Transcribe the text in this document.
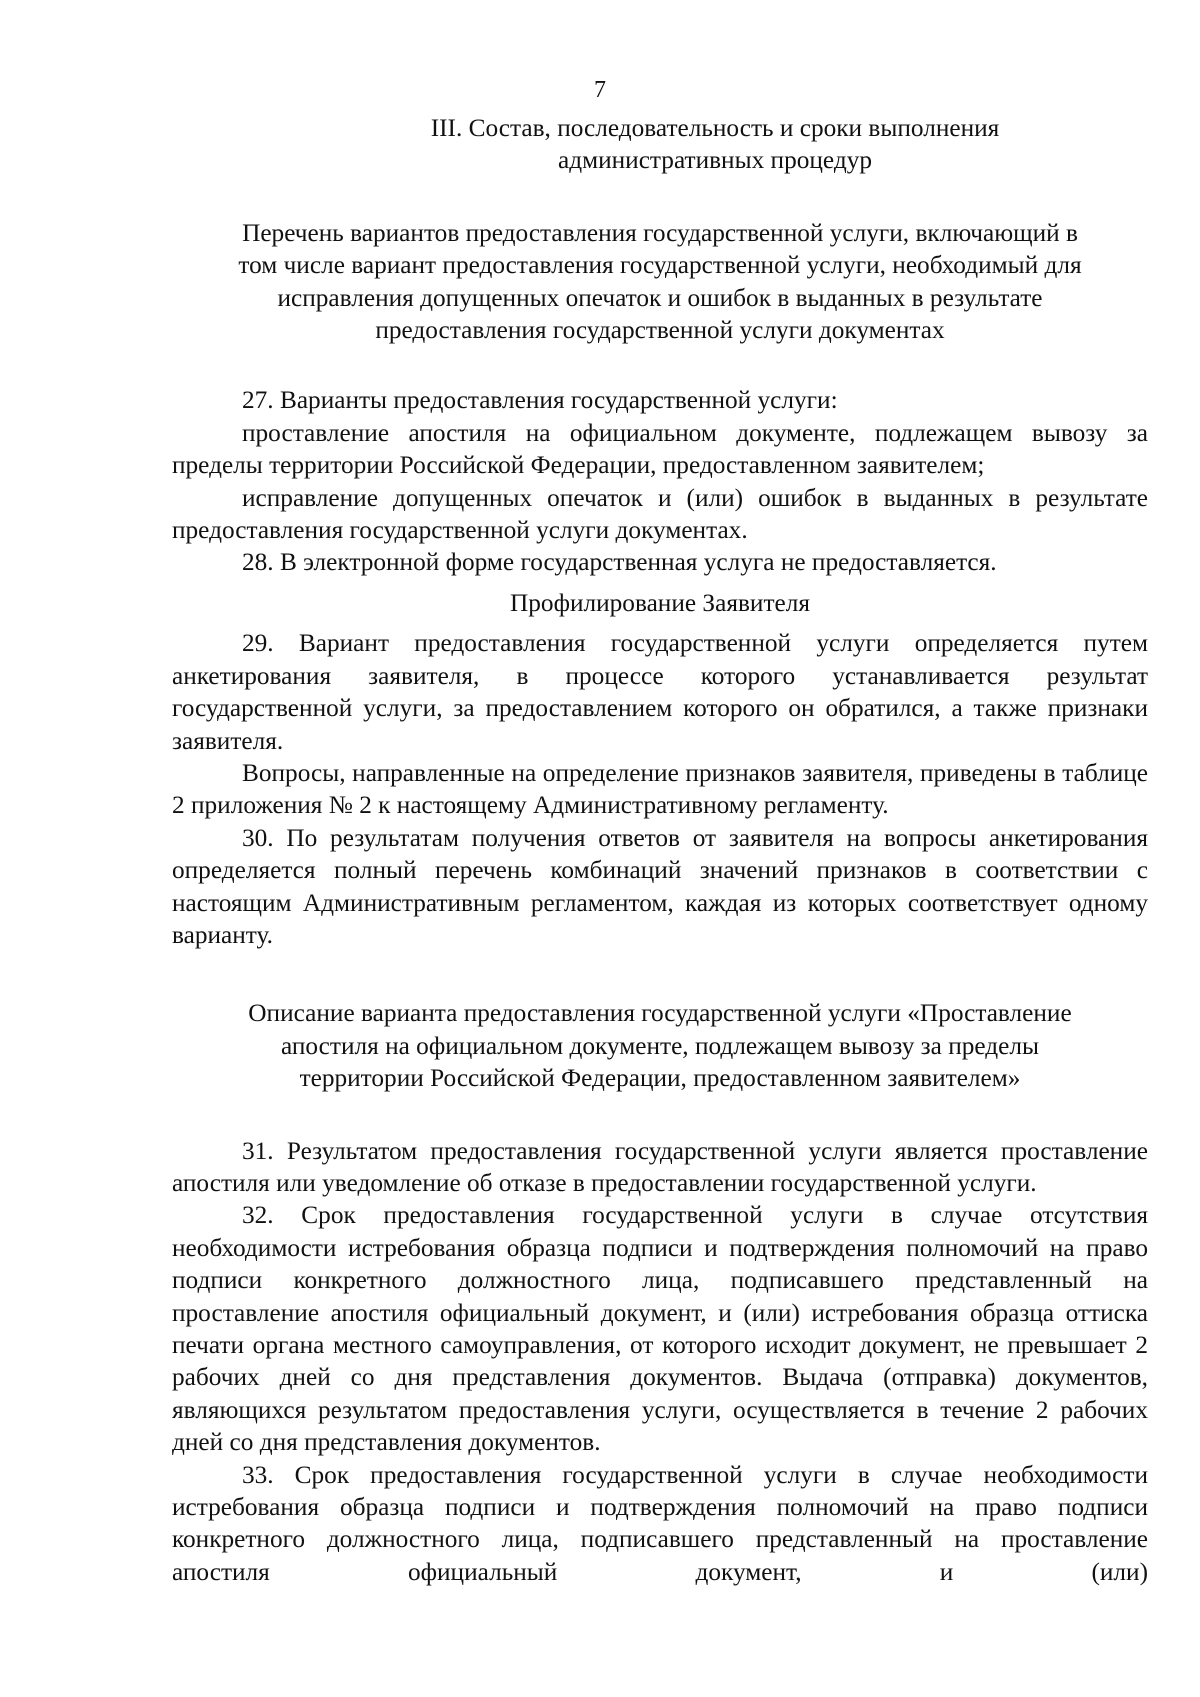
7
III. Состав, последовательность и сроки выполнения
административных процедур
Перечень вариантов предоставления государственной услуги, включающий в
том числе вариант предоставления государственной услуги, необходимый для
исправления допущенных опечаток и ошибок в выданных в результате
предоставления государственной услуги документах

27. Варианты предоставления государственной услуги:

проставление апостиля на официальном документе, подлежащем вывозу за пределы территории Российской Федерации, предоставленном заявителем;

исправление допущенных опечаток и (или) ошибок в выданных в результате предоставления государственной услуги документах.

28. В электронной форме государственная услуга не предоставляется.

Профилирование Заявителя

29. Вариант предоставления государственной услуги определяется путем анкетирования заявителя, в процессе которого устанавливается результат государственной услуги, за предоставлением которого он обратился, а также признаки заявителя.

Вопросы, направленные на определение признаков заявителя, приведены в таблице 2 приложения № 2 к настоящему Административному регламенту.

30. По результатам получения ответов от заявителя на вопросы анкетирования определяется полный перечень комбинаций значений признаков в соответствии с настоящим Административным регламентом, каждая из которых соответствует одному варианту.

Описание варианта предоставления государственной услуги «Проставление
апостиля на официальном документе, подлежащем вывозу за пределы
территории Российской Федерации, предоставленном заявителем»

31. Результатом предоставления государственной услуги является проставление апостиля или уведомление об отказе в предоставлении государственной услуги.

32. Срок предоставления государственной услуги в случае отсутствия необходимости истребования образца подписи и подтверждения полномочий на право подписи конкретного должностного лица, подписавшего представленный на проставление апостиля официальный документ, и (или) истребования образца оттиска печати органа местного самоуправления, от которого исходит документ, не превышает 2 рабочих дней со дня представления документов. Выдача (отправка) документов, являющихся результатом предоставления услуги, осуществляется в течение 2 рабочих дней со дня представления документов.

33. Срок предоставления государственной услуги в случае необходимости истребования образца подписи и подтверждения полномочий на право подписи конкретного должностного лица, подписавшего представленный на проставление апостиля официальный документ, и (или)
